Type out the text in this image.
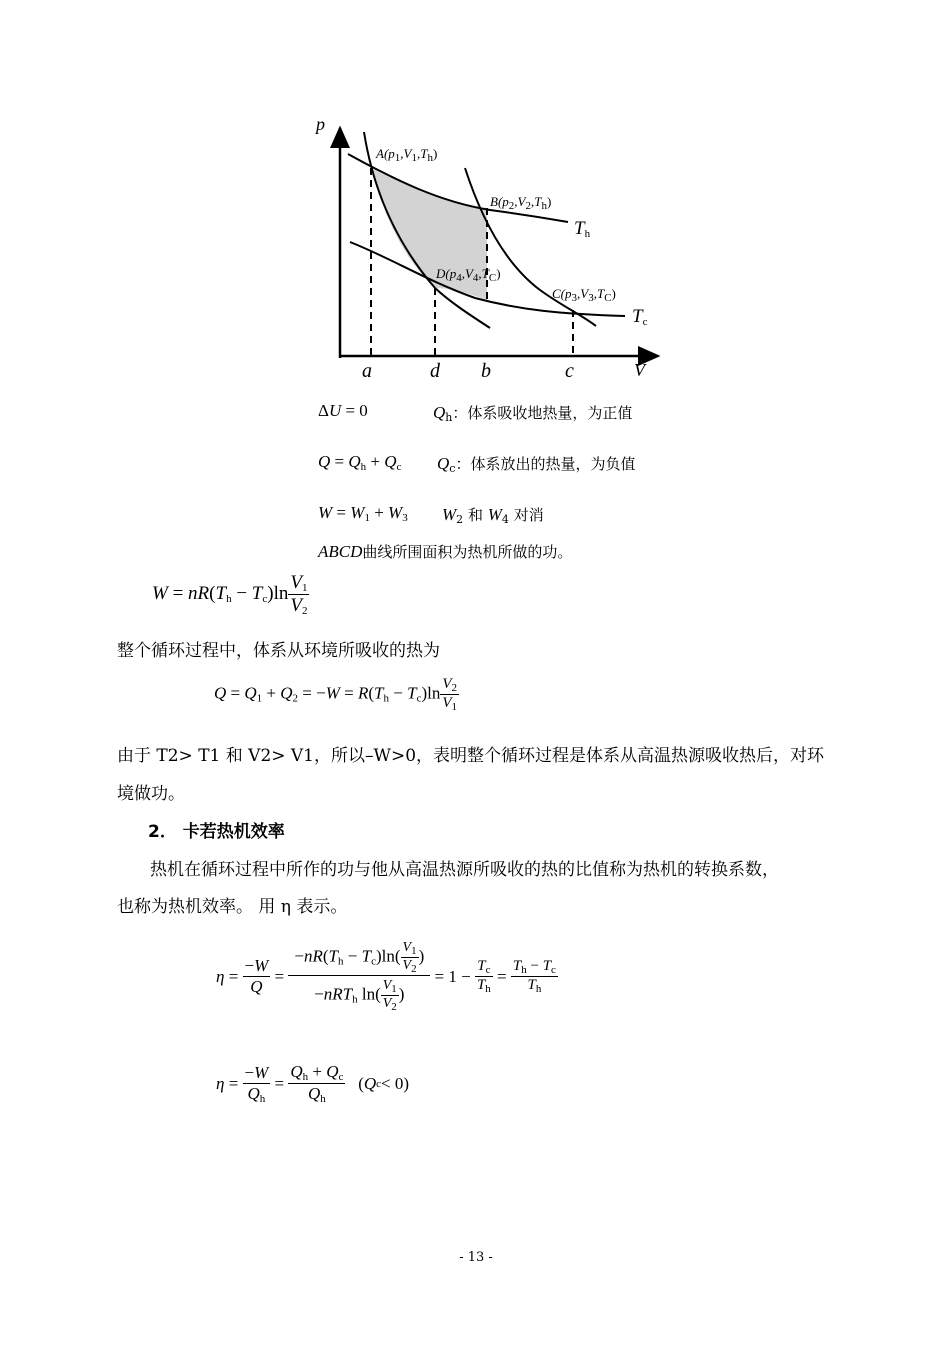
p
V
$A(p_1,V_1,T_h)$
$B(p_2,V_2,T_h)$
$D(p_4,V_4,T_C)$
$C(p_3,V_3,T_C)$
$T_h$
$T_c$
a	d b	c
ΔU = 0	$Q_h$：体系吸收地热量，为正值
$Q = Q_h + Q_c$ $Q_c$：体系放出的热量，为负值
$W = W_1 + W_3$ $W_2$ 和 $W_4$ 对消
ABCD曲线所围面积为热机所做的功。
$W = nR(T_h - T_c)\ln \frac{V_1}{V_2}$
整个循环过程中，体系从环境所吸收的热为
$Q = Q_1 + Q_2 = -W = R(T_h - T_c)\ln \frac{V_2}{V_1}$
由于 T2> T1 和 V2> V1，所以–W>0，表明整个循环过程是体系从高温热源吸收热后，对环
境做功。
2． 卡若热机效率
热机在循环过程中所作的功与他从高温热源所吸收的热的比值称为热机的转换系数，
也称为热机效率。 用 η 表示。
$\eta = \frac{-W}{Q} = \frac{-nR(T_h - T_c)\ln( \frac{V_1}{V_2} )}{-nRT_h \ln( \frac{V_1}{V_2} )} = 1 - \frac{T_c}{T_h} = \frac{T_h - T_c}{T_h}$
$\eta = \frac{-W}{Q_h} = \frac{Q_h + Q_c}{Q_h}$ ( Q c < 0)
- 13 -
